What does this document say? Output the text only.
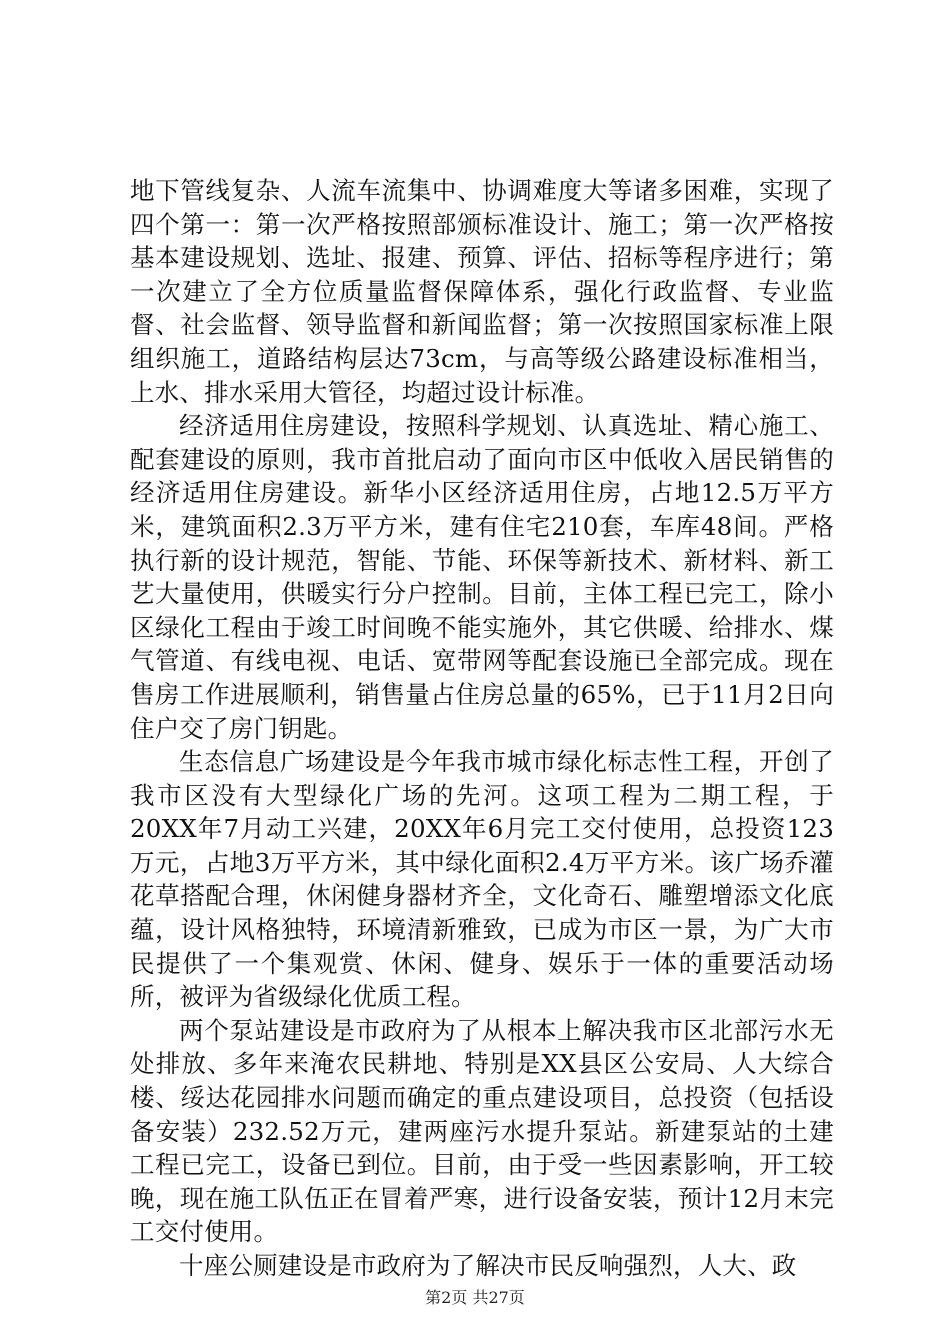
地下管线复杂、人流车流集中、协调难度大等诸多困难，实现了四个第一：第一次严格按照部颁标准设计、施工；第一次严格按基本建设规划、选址、报建、预算、评估、招标等程序进行；第一次建立了全方位质量监督保障体系，强化行政监督、专业监督、社会监督、领导监督和新闻监督；第一次按照国家标准上限组织施工，道路结构层达73cm，与高等级公路建设标准相当，上水、排水采用大管径，均超过设计标准。

经济适用住房建设，按照科学规划、认真选址、精心施工、配套建设的原则，我市首批启动了面向市区中低收入居民销售的经济适用住房建设。新华小区经济适用住房，占地12.5万平方米，建筑面积2.3万平方米，建有住宅210套，车库48间。严格执行新的设计规范，智能、节能、环保等新技术、新材料、新工艺大量使用，供暖实行分户控制。目前，主体工程已完工，除小区绿化工程由于竣工时间晚不能实施外，其它供暖、给排水、煤气管道、有线电视、电话、宽带网等配套设施已全部完成。现在售房工作进展顺利，销售量占住房总量的65%，已于11月2日向住户交了房门钥匙。

生态信息广场建设是今年我市城市绿化标志性工程，开创了我市区没有大型绿化广场的先河。这项工程为二期工程，于20XX年7月动工兴建，20XX年6月完工交付使用，总投资123万元，占地3万平方米，其中绿化面积2.4万平方米。该广场乔灌花草搭配合理，休闲健身器材齐全，文化奇石、雕塑增添文化底蕴，设计风格独特，环境清新雅致，已成为市区一景，为广大市民提供了一个集观赏、休闲、健身、娱乐于一体的重要活动场所，被评为省级绿化优质工程。

两个泵站建设是市政府为了从根本上解决我市区北部污水无处排放、多年来淹农民耕地、特别是XX县区公安局、人大综合楼、绥达花园排水问题而确定的重点建设项目，总投资（包括设备安装）232.52万元，建两座污水提升泵站。新建泵站的土建工程已完工，设备已到位。目前，由于受一些因素影响，开工较晚，现在施工队伍正在冒着严寒，进行设备安装，预计12月末完工交付使用。

十座公厕建设是市政府为了解决市民反响强烈，人大、政

第2页 共27页
